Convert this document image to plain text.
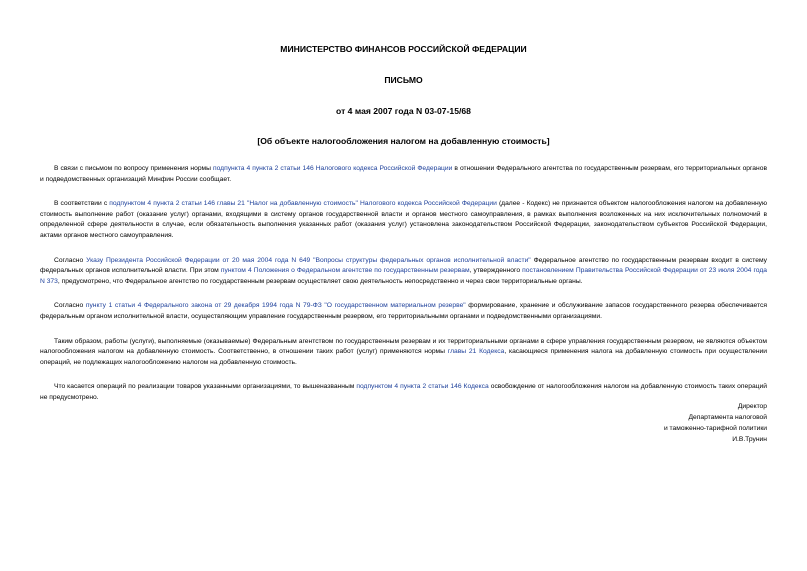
МИНИСТЕРСТВО ФИНАНСОВ РОССИЙСКОЙ ФЕДЕРАЦИИ
ПИСЬМО
от 4 мая 2007 года N 03-07-15/68
[Об объекте налогообложения налогом на добавленную стоимость]

В связи с письмом по вопросу применения нормы подпункта 4 пункта 2 статьи 146 Налогового кодекса Российской Федерации в отношении Федерального агентства по государственным резервам, его территориальных органов и подведомственных организаций Минфин России сообщает.

В соответствии с подпунктом 4 пункта 2 статьи 146 главы 21 "Налог на добавленную стоимость" Налогового кодекса Российской Федерации (далее - Кодекс) не признается объектом налогообложения налогом на добавленную стоимость выполнение работ (оказание услуг) органами, входящими в систему органов государственной власти и органов местного самоуправления, в рамках выполнения возложенных на них исключительных полномочий в определенной сфере деятельности в случае, если обязательность выполнения указанных работ (оказания услуг) установлена законодательством Российской Федерации, законодательством субъектов Российской Федерации, актами органов местного самоуправления.

Согласно Указу Президента Российской Федерации от 20 мая 2004 года N 649 "Вопросы структуры федеральных органов исполнительной власти" Федеральное агентство по государственным резервам входит в систему федеральных органов исполнительной власти. При этом пунктом 4 Положения о Федеральном агентстве по государственным резервам, утвержденного постановлением Правительства Российской Федерации от 23 июля 2004 года N 373, предусмотрено, что Федеральное агентство по государственным резервам осуществляет свою деятельность непосредственно и через свои территориальные органы.

Согласно пункту 1 статьи 4 Федерального закона от 29 декабря 1994 года N 79-ФЗ "О государственном материальном резерве" формирование, хранение и обслуживание запасов государственного резерва обеспечивается федеральным органом исполнительной власти, осуществляющим управление государственным резервом, его территориальными органами и подведомственными организациями.

Таким образом, работы (услуги), выполняемые (оказываемые) Федеральным агентством по государственным резервам и их территориальными органами в сфере управления государственным резервом, не являются объектом налогообложения налогом на добавленную стоимость. Соответственно, в отношении таких работ (услуг) применяются нормы главы 21 Кодекса, касающиеся применения налога на добавленную стоимость при осуществлении операций, не подлежащих налогообложению налогом на добавленную стоимость.

Что касается операций по реализации товаров указанными организациями, то вышеназванным подпунктом 4 пункта 2 статьи 146 Кодекса освобождение от налогообложения налогом на добавленную стоимость таких операций не предусмотрено.

Директор
Департамента налоговой
и таможенно-тарифной политики
И.В.Трунин
